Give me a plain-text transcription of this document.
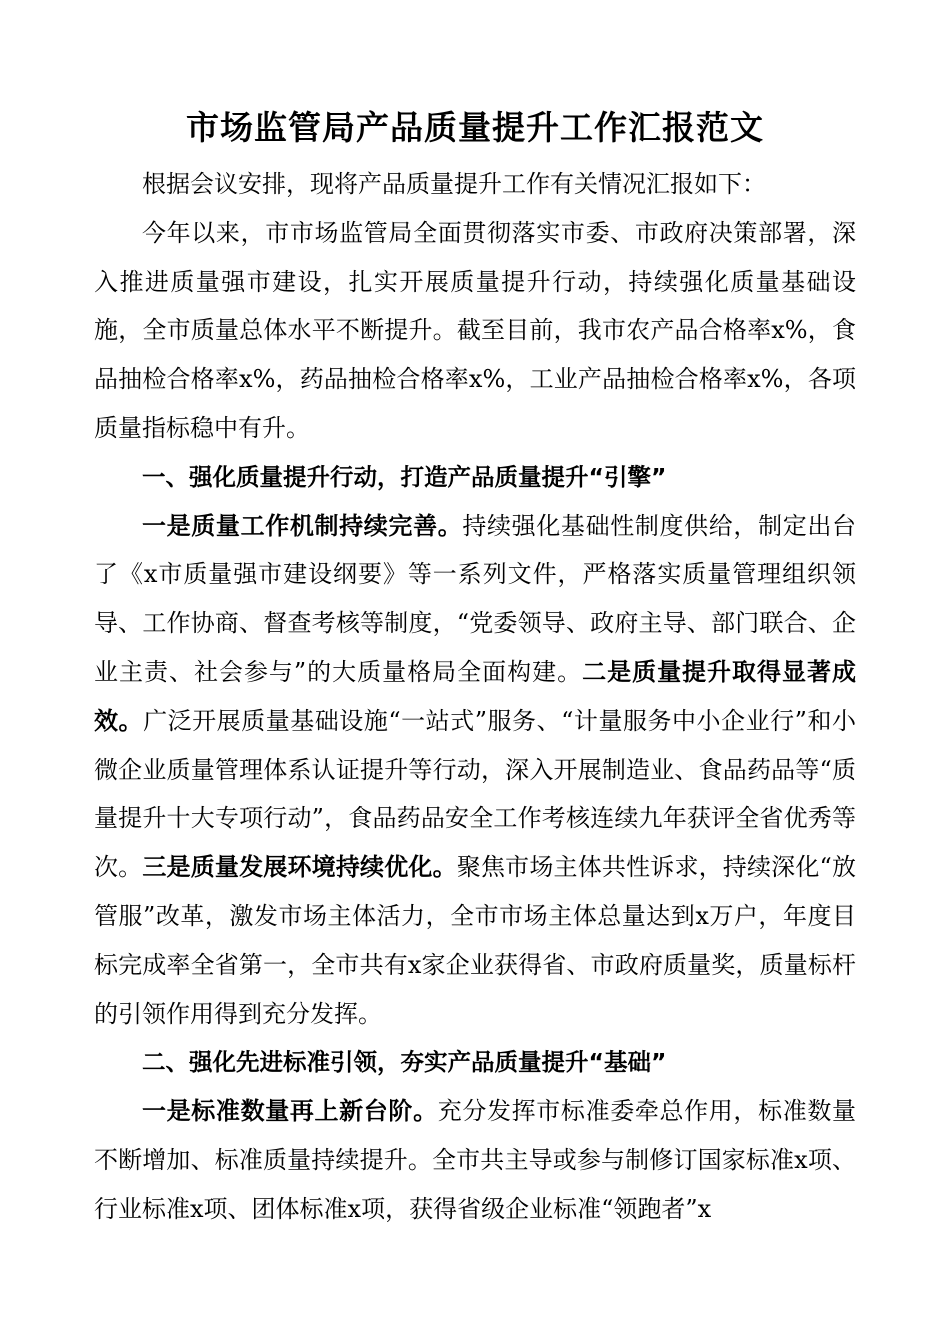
市场监管局产品质量提升工作汇报范文

根据会议安排，现将产品质量提升工作有关情况汇报如下：

今年以来，市市场监管局全面贯彻落实市委、市政府决策部署，深入推进质量强市建设，扎实开展质量提升行动，持续强化质量基础设施，全市质量总体水平不断提升。截至目前，我市农产品合格率x%，食品抽检合格率x%，药品抽检合格率x%，工业产品抽检合格率x%，各项质量指标稳中有升。

一、强化质量提升行动，打造产品质量提升“引擎”

一是质量工作机制持续完善。持续强化基础性制度供给，制定出台了《x市质量强市建设纲要》等一系列文件，严格落实质量管理组织领导、工作协商、督查考核等制度，“党委领导、政府主导、部门联合、企业主责、社会参与”的大质量格局全面构建。二是质量提升取得显著成效。广泛开展质量基础设施“一站式”服务、“计量服务中小企业行”和小微企业质量管理体系认证提升等行动，深入开展制造业、食品药品等“质量提升十大专项行动”，食品药品安全工作考核连续九年获评全省优秀等次。三是质量发展环境持续优化。聚焦市场主体共性诉求，持续深化“放管服”改革，激发市场主体活力，全市市场主体总量达到x万户，年度目标完成率全省第一，全市共有x家企业获得省、市政府质量奖，质量标杆的引领作用得到充分发挥。

二、强化先进标准引领，夯实产品质量提升“基础”

一是标准数量再上新台阶。充分发挥市标准委牵总作用，标准数量不断增加、标准质量持续提升。全市共主导或参与制修订国家标准x项、行业标准x项、团体标准x项，获得省级企业标准“领跑者”x
